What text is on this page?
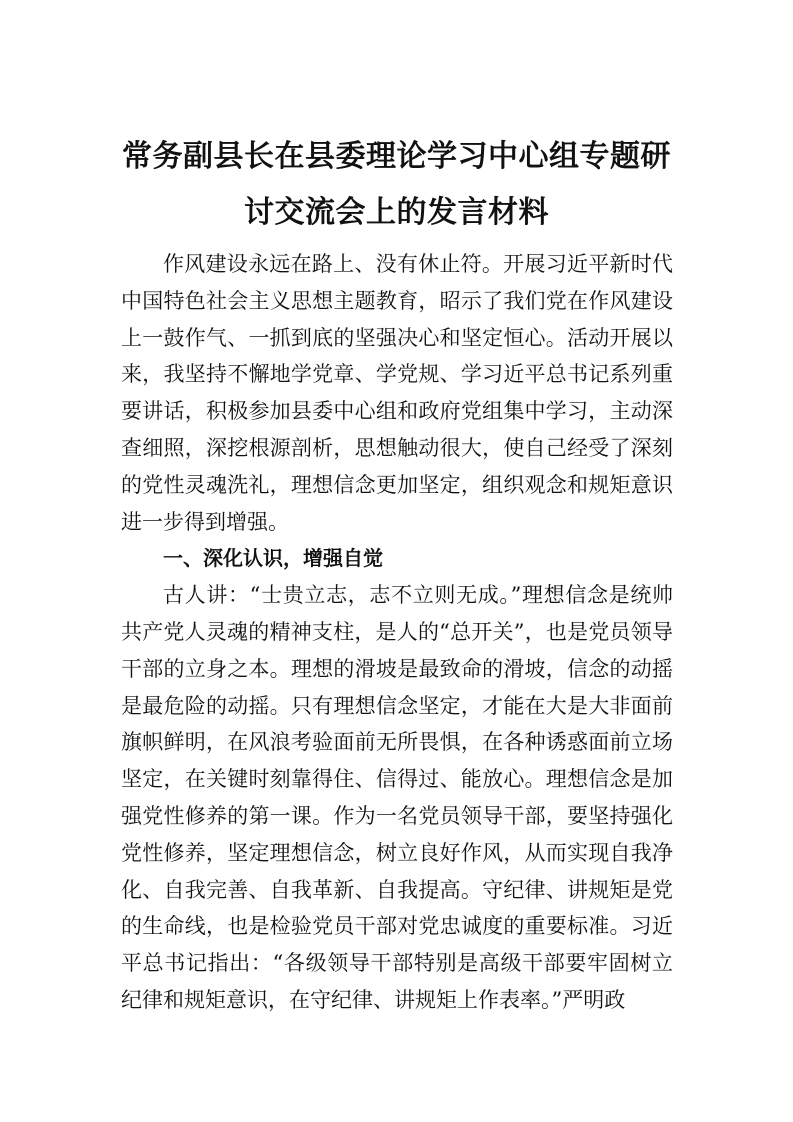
常务副县长在县委理论学习中心组专题研
讨交流会上的发言材料

作风建设永远在路上、没有休止符。开展习近平新时代中国特色社会主义思想主题教育，昭示了我们党在作风建设上一鼓作气、一抓到底的坚强决心和坚定恒心。活动开展以来，我坚持不懈地学党章、学党规、学习近平总书记系列重要讲话，积极参加县委中心组和政府党组集中学习，主动深查细照，深挖根源剖析，思想触动很大，使自己经受了深刻的党性灵魂洗礼，理想信念更加坚定，组织观念和规矩意识进一步得到增强。

一、深化认识，增强自觉

古人讲：“士贵立志，志不立则无成。”理想信念是统帅共产党人灵魂的精神支柱，是人的“总开关”，也是党员领导干部的立身之本。理想的滑坡是最致命的滑坡，信念的动摇是最危险的动摇。只有理想信念坚定，才能在大是大非面前旗帜鲜明，在风浪考验面前无所畏惧，在各种诱惑面前立场坚定，在关键时刻靠得住、信得过、能放心。理想信念是加强党性修养的第一课。作为一名党员领导干部，要坚持强化党性修养，坚定理想信念，树立良好作风，从而实现自我净化、自我完善、自我革新、自我提高。守纪律、讲规矩是党的生命线，也是检验党员干部对党忠诚度的重要标准。习近平总书记指出：“各级领导干部特别是高级干部要牢固树立纪律和规矩意识，在守纪律、讲规矩上作表率。”严明政
